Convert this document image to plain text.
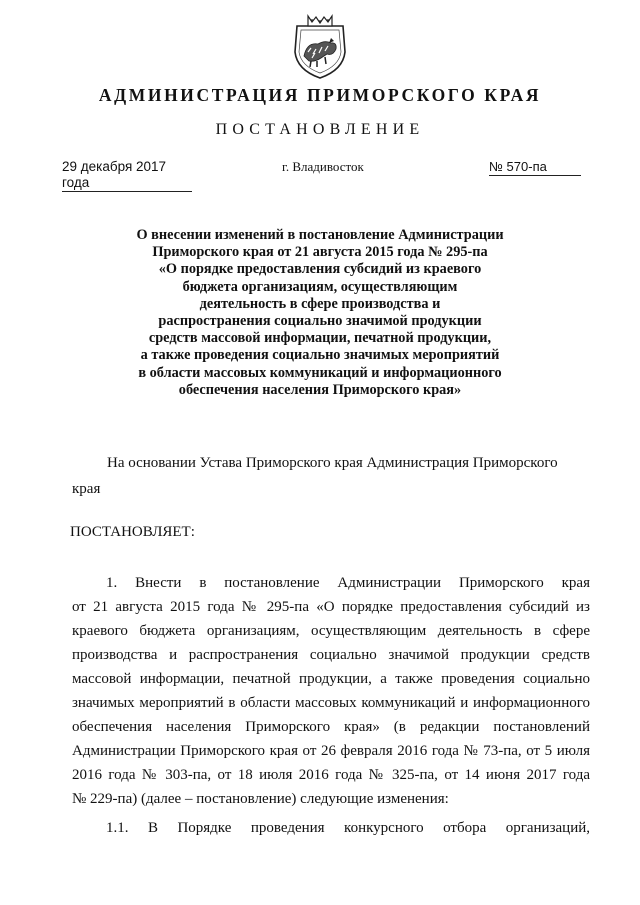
АДМИНИСТРАЦИЯ ПРИМОРСКОГО КРАЯ
ПОСТАНОВЛЕНИЕ
29 декабря 2017 года
г. Владивосток	№ 570-па
О внесении изменений в постановление Администрации
Приморского края от 21 августа 2015 года № 295-па
«О порядке предоставления субсидий из краевого
бюджета организациям, осуществляющим
деятельность в сфере производства и
распространения социально значимой продукции
средств массовой информации, печатной продукции,
а также проведения социально значимых мероприятий
в области массовых коммуникаций и информационного
обеспечения населения Приморского края»
На основании Устава Приморского края Администрация Приморского
края
ПОСТАНОВЛЯЕТ:
1. Внести в постановление Администрации Приморского края
от 21 августа 2015 года № 295-па «О порядке предоставления субсидий из
краевого бюджета организациям, осуществляющим деятельность в сфере
производства и распространения социально значимой продукции средств
массовой информации, печатной продукции, а также проведения социально
значимых мероприятий в области массовых коммуникаций и информационного
обеспечения населения Приморского края» (в редакции постановлений
Администрации Приморского края от 26 февраля 2016 года № 73-па, от 5 июля
2016 года № 303-па, от 18 июля 2016 года № 325-па, от 14 июня 2017 года
№ 229-па) (далее – постановление) следующие изменения:
1.1. В Порядке проведения конкурсного отбора организаций,
